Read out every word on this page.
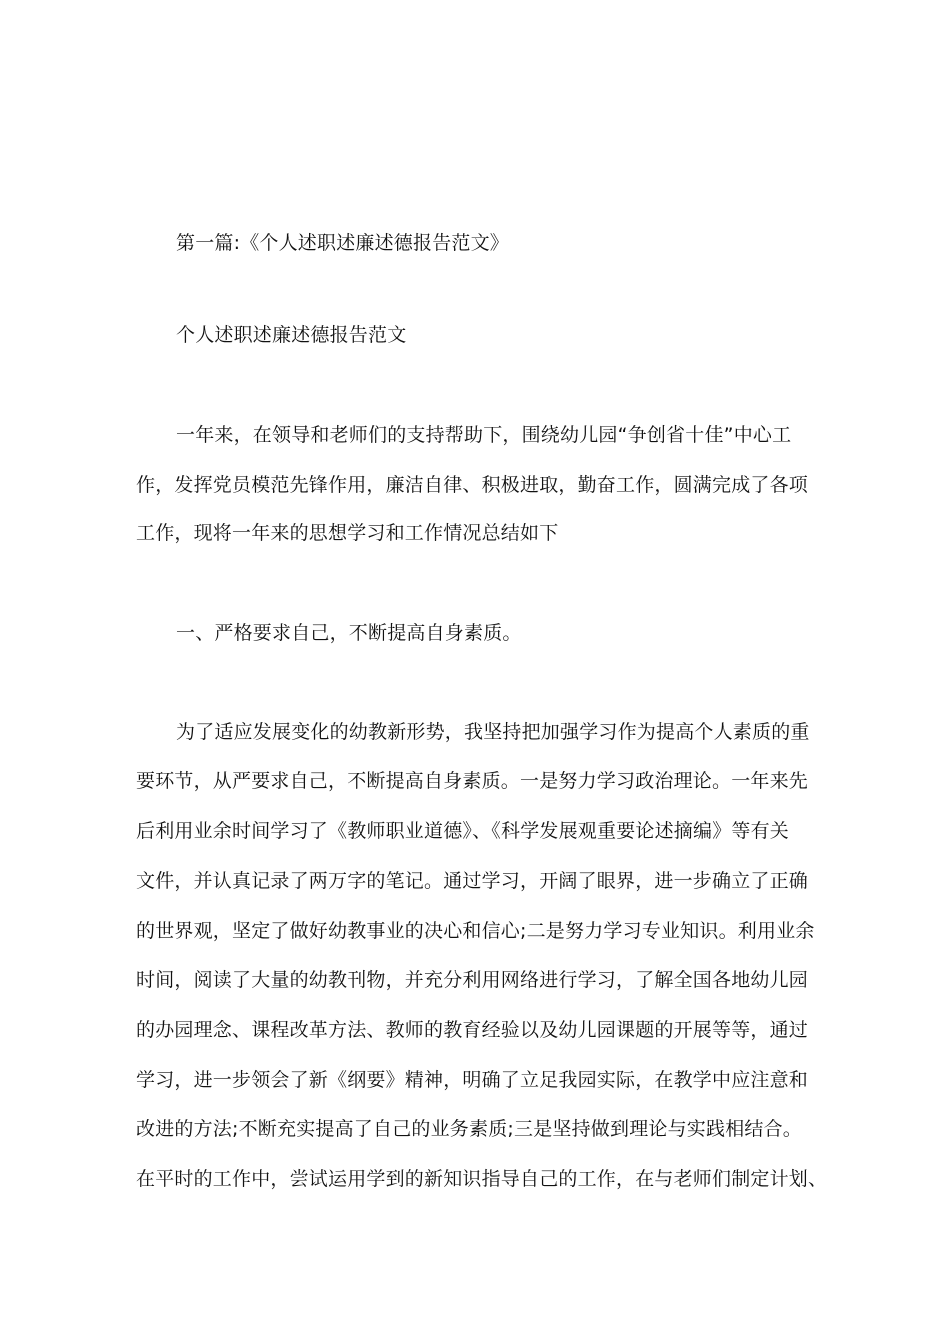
第一篇:《个人述职述廉述德报告范文》
个人述职述廉述德报告范文
一年来，在领导和老师们的支持帮助下，围绕幼儿园“争创省十佳”中心工
作，发挥党员模范先锋作用，廉洁自律、积极进取，勤奋工作，圆满完成了各项
工作，现将一年来的思想学习和工作情况总结如下
一、严格要求自己，不断提高自身素质。
为了适应发展变化的幼教新形势，我坚持把加强学习作为提高个人素质的重
要环节，从严要求自己，不断提高自身素质。一是努力学习政治理论。一年来先
后利用业余时间学习了《教师职业道德》、《科学发展观重要论述摘编》等有关
文件，并认真记录了两万字的笔记。通过学习，开阔了眼界，进一步确立了正确
的世界观，坚定了做好幼教事业的决心和信心;二是努力学习专业知识。利用业余
时间，阅读了大量的幼教刊物，并充分利用网络进行学习，了解全国各地幼儿园
的办园理念、课程改革方法、教师的教育经验以及幼儿园课题的开展等等，通过
学习，进一步领会了新《纲要》精神，明确了立足我园实际，在教学中应注意和
改进的方法;不断充实提高了自己的业务素质;三是坚持做到理论与实践相结合。
在平时的工作中，尝试运用学到的新知识指导自己的工作，在与老师们制定计划、
